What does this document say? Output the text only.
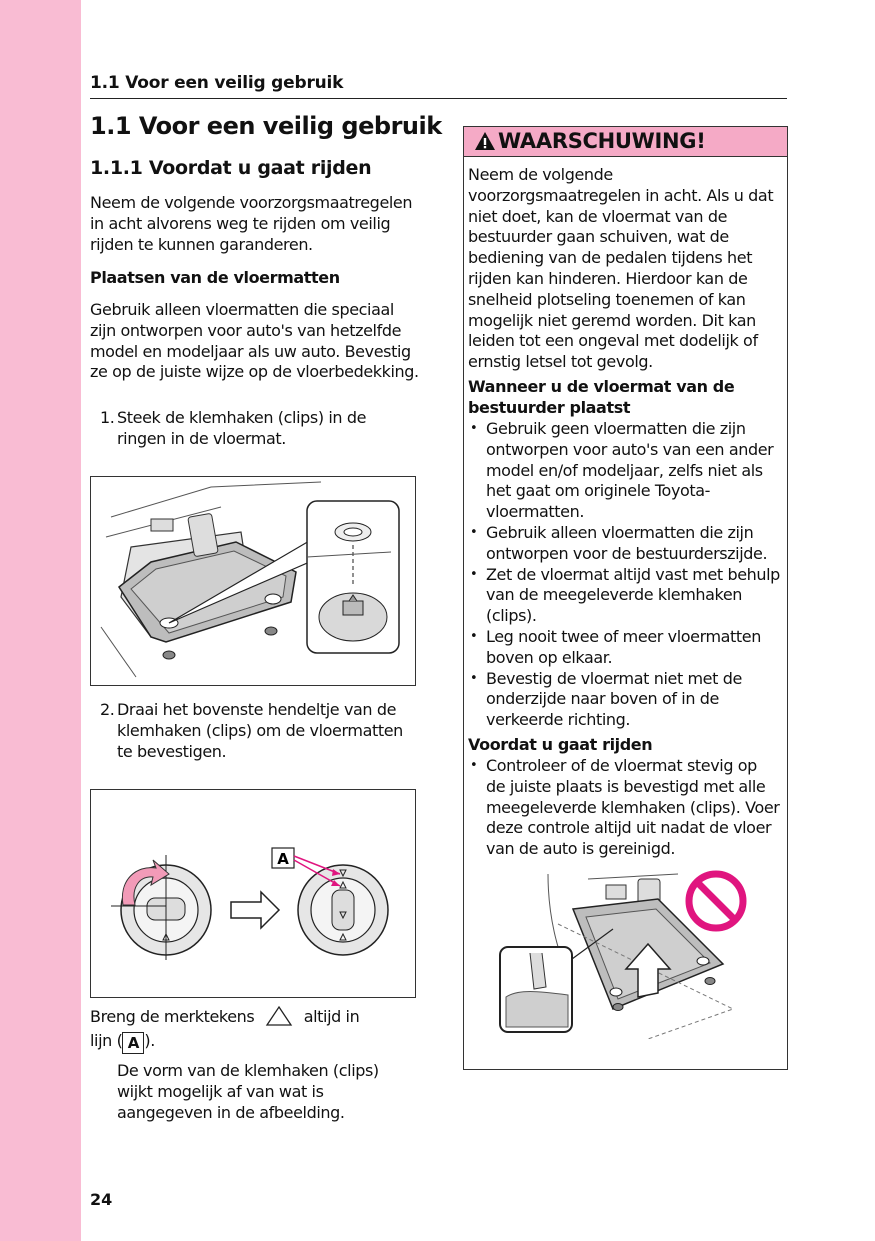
1.1 Voor een veilig gebruik
1.1 Voor een veilig gebruik
1.1.1 Voordat u gaat rijden
Neem de volgende voorzorgsmaatregelen in acht alvorens weg te rijden om veilig rijden te kunnen garanderen.
Plaatsen van de vloermatten
Gebruik alleen vloermatten die speciaal zijn ontworpen voor auto's van hetzelfde model en modeljaar als uw auto. Bevestig ze op de juiste wijze op de vloerbedekking.
1. Steek de klemhaken (clips) in de ringen in de vloermat.
2. Draai het bovenste hendeltje van de klemhaken (clips) om de vloermatten te bevestigen.
A
Breng de merktekens	altijd in
lijn ( A ).
De vorm van de klemhaken (clips) wijkt mogelijk af van wat is aangegeven in de afbeelding.
WAARSCHUWING!
Neem de volgende voorzorgsmaatregelen in acht. Als u dat niet doet, kan de vloermat van de bestuurder gaan schuiven, wat de bediening van de pedalen tijdens het rijden kan hinderen. Hierdoor kan de snelheid plotseling toenemen of kan mogelijk niet geremd worden. Dit kan leiden tot een ongeval met dodelijk of ernstig letsel tot gevolg.
Wanneer u de vloermat van de bestuurder plaatst
• Gebruik geen vloermatten die zijn ontworpen voor auto's van een ander model en/of modeljaar, zelfs niet als het gaat om originele Toyota-vloermatten.
• Gebruik alleen vloermatten die zijn ontworpen voor de bestuurderszijde.
• Zet de vloermat altijd vast met behulp van de meegeleverde klemhaken (clips).
• Leg nooit twee of meer vloermatten boven op elkaar.
• Bevestig de vloermat niet met de onderzijde naar boven of in de verkeerde richting.
Voordat u gaat rijden
• Controleer of de vloermat stevig op de juiste plaats is bevestigd met alle meegeleverde klemhaken (clips). Voer deze controle altijd uit nadat de vloer van de auto is gereinigd.
24
